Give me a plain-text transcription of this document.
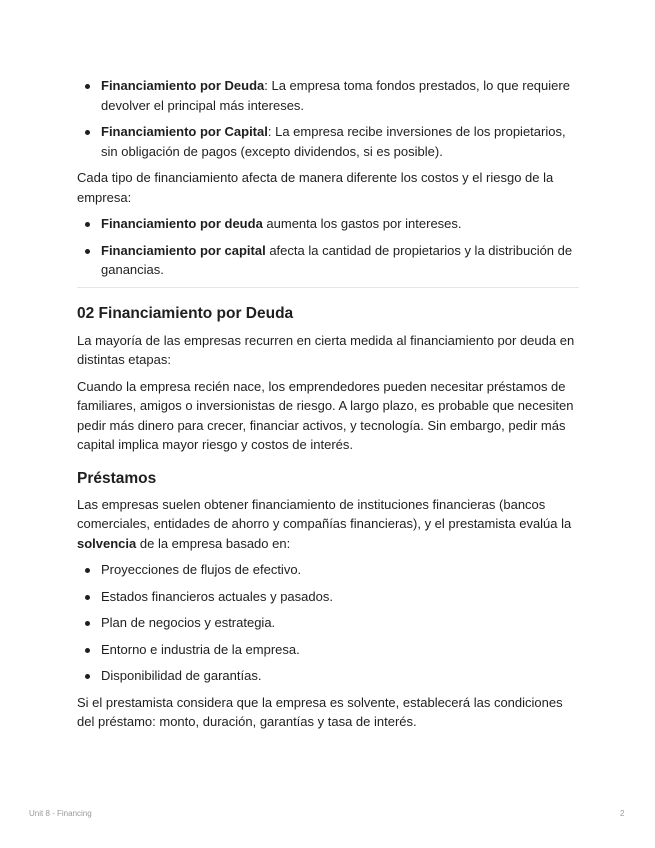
Financiamiento por Deuda: La empresa toma fondos prestados, lo que requiere devolver el principal más intereses.
Financiamiento por Capital: La empresa recibe inversiones de los propietarios, sin obligación de pagos (excepto dividendos, si es posible).

Cada tipo de financiamiento afecta de manera diferente los costos y el riesgo de la empresa:

Financiamiento por deuda aumenta los gastos por intereses.
Financiamiento por capital afecta la cantidad de propietarios y la distribución de ganancias.
02 Financiamiento por Deuda

La mayoría de las empresas recurren en cierta medida al financiamiento por deuda en distintas etapas:

Cuando la empresa recién nace, los emprendedores pueden necesitar préstamos de familiares, amigos o inversionistas de riesgo. A largo plazo, es probable que necesiten pedir más dinero para crecer, financiar activos, y tecnología. Sin embargo, pedir más capital implica mayor riesgo y costos de interés.

Préstamos

Las empresas suelen obtener financiamiento de instituciones financieras (bancos comerciales, entidades de ahorro y compañías financieras), y el prestamista evalúa la solvencia de la empresa basado en:

Proyecciones de flujos de efectivo.
Estados financieros actuales y pasados.
Plan de negocios y estrategia.
Entorno e industria de la empresa.
Disponibilidad de garantías.

Si el prestamista considera que la empresa es solvente, establecerá las condiciones del préstamo: monto, duración, garantías y tasa de interés.

Unit 8 - Financing	2
